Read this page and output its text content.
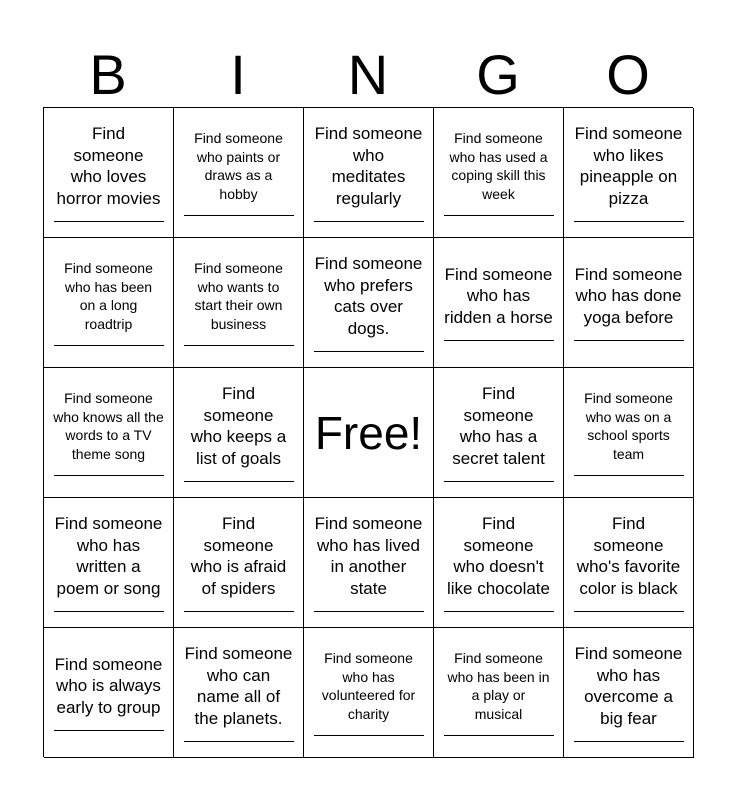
B	I	N	G	O
Find
someone
who loves
horror movies
Find someone
who paints or
draws as a
hobby
Find someone
who
meditates
regularly
Find someone
who has used a
coping skill this
week
Find someone
who likes
pineapple on
pizza
Find someone
who has been
on a long
roadtrip
Find someone
who wants to
start their own
business
Find someone
who prefers
cats over
dogs.
Find someone
who has
ridden a horse
Find someone
who has done
yoga before
Find someone
who knows all the
words to a TV
theme song
Find
someone
who keeps a
list of goals Free!
Find
someone
who has a
secret talent
Find someone
who was on a
school sports
team
Find someone
who has
written a
poem or song
Find
someone
who is afraid
of spiders
Find someone
who has lived
in another
state
Find
someone
who doesn't
like chocolate
Find
someone
who's favorite
color is black
Find someone
who is always
early to group
Find someone
who can
name all of
the planets.
Find someone
who has
volunteered for
charity
Find someone
who has been in
a play or
musical
Find someone
who has
overcome a
big fear
